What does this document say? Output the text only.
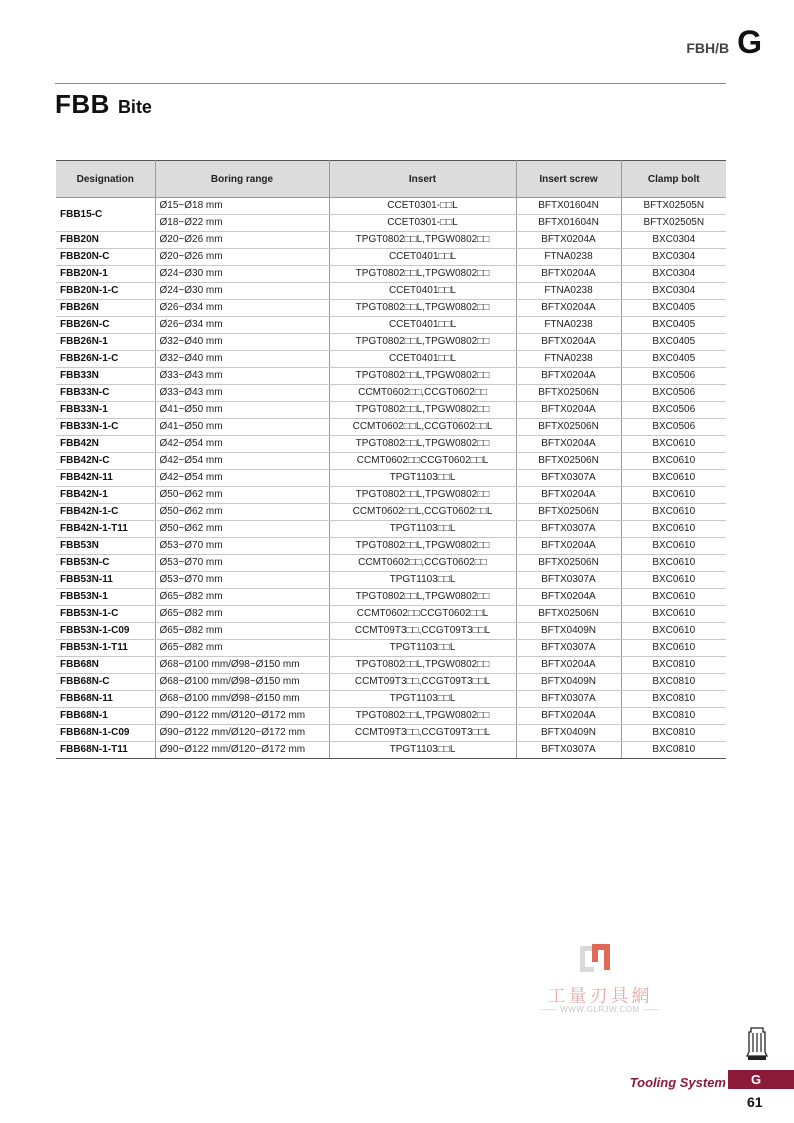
FBH/B G
FBB Bite
Designation	Boring range	Insert	Insert screw	Clamp bolt
FBB15-C	Ø15~Ø18 mm	CCET0301-□□L	BFTX01604N	BFTX02505N
	Ø18~Ø22 mm	CCET0301-□□L	BFTX01604N	BFTX02505N
FBB20N	Ø20~Ø26 mm	TPGT0802□□L,TPGW0802□□	BFTX0204A	BXC0304
FBB20N-C	Ø20~Ø26 mm	CCET0401□□L	FTNA0238	BXC0304
FBB20N-1	Ø24~Ø30 mm	TPGT0802□□L,TPGW0802□□	BFTX0204A	BXC0304
FBB20N-1-C	Ø24~Ø30 mm	CCET0401□□L	FTNA0238	BXC0304
FBB26N	Ø26~Ø34 mm	TPGT0802□□L,TPGW0802□□	BFTX0204A	BXC0405
FBB26N-C	Ø26~Ø34 mm	CCET0401□□L	FTNA0238	BXC0405
FBB26N-1	Ø32~Ø40 mm	TPGT0802□□L,TPGW0802□□	BFTX0204A	BXC0405
FBB26N-1-C	Ø32~Ø40 mm	CCET0401□□L	FTNA0238	BXC0405
FBB33N	Ø33~Ø43 mm	TPGT0802□□L,TPGW0802□□	BFTX0204A	BXC0506
FBB33N-C	Ø33~Ø43 mm	CCMT0602□□,CCGT0602□□	BFTX02506N	BXC0506
FBB33N-1	Ø41~Ø50 mm	TPGT0802□□L,TPGW0802□□	BFTX0204A	BXC0506
FBB33N-1-C	Ø41~Ø50 mm	CCMT0602□□L,CCGT0602□□L	BFTX02506N	BXC0506
FBB42N	Ø42~Ø54 mm	TPGT0802□□L,TPGW0802□□	BFTX0204A	BXC0610
FBB42N-C	Ø42~Ø54 mm	CCMT0602□□CCGT0602□□L	BFTX02506N	BXC0610
FBB42N-11	Ø42~Ø54 mm	TPGT1103□□L	BFTX0307A	BXC0610
FBB42N-1	Ø50~Ø62 mm	TPGT0802□□L,TPGW0802□□	BFTX0204A	BXC0610
FBB42N-1-C	Ø50~Ø62 mm	CCMT0602□□L,CCGT0602□□L	BFTX02506N	BXC0610
FBB42N-1-T11	Ø50~Ø62 mm	TPGT1103□□L	BFTX0307A	BXC0610
FBB53N	Ø53~Ø70 mm	TPGT0802□□L,TPGW0802□□	BFTX0204A	BXC0610
FBB53N-C	Ø53~Ø70 mm	CCMT0602□□,CCGT0602□□	BFTX02506N	BXC0610
FBB53N-11	Ø53~Ø70 mm	TPGT1103□□L	BFTX0307A	BXC0610
FBB53N-1	Ø65~Ø82 mm	TPGT0802□□L,TPGW0802□□	BFTX0204A	BXC0610
FBB53N-1-C	Ø65~Ø82 mm	CCMT0602□□CCGT0602□□L	BFTX02506N	BXC0610
FBB53N-1-C09	Ø65~Ø82 mm	CCMT09T3□□,CCGT09T3□□L	BFTX0409N	BXC0610
FBB53N-1-T11	Ø65~Ø82 mm	TPGT1103□□L	BFTX0307A	BXC0610
FBB68N	Ø68~Ø100 mm/Ø98~Ø150 mm	TPGT0802□□L,TPGW0802□□	BFTX0204A	BXC0810
FBB68N-C	Ø68~Ø100 mm/Ø98~Ø150 mm	CCMT09T3□□,CCGT09T3□□L	BFTX0409N	BXC0810
FBB68N-11	Ø68~Ø100 mm/Ø98~Ø150 mm	TPGT1103□□L	BFTX0307A	BXC0810
FBB68N-1	Ø90~Ø122 mm/Ø120~Ø172 mm	TPGT0802□□L,TPGW0802□□	BFTX0204A	BXC0810
FBB68N-1-C09	Ø90~Ø122 mm/Ø120~Ø172 mm	CCMT09T3□□,CCGT09T3□□L	BFTX0409N	BXC0810
FBB68N-1-T11	Ø90~Ø122 mm/Ø120~Ø172 mm	TPGT1103□□L	BFTX0307A	BXC0810
工量刃具網
—— WWW.GLRJW.COM ——
Tooling System	G
61
